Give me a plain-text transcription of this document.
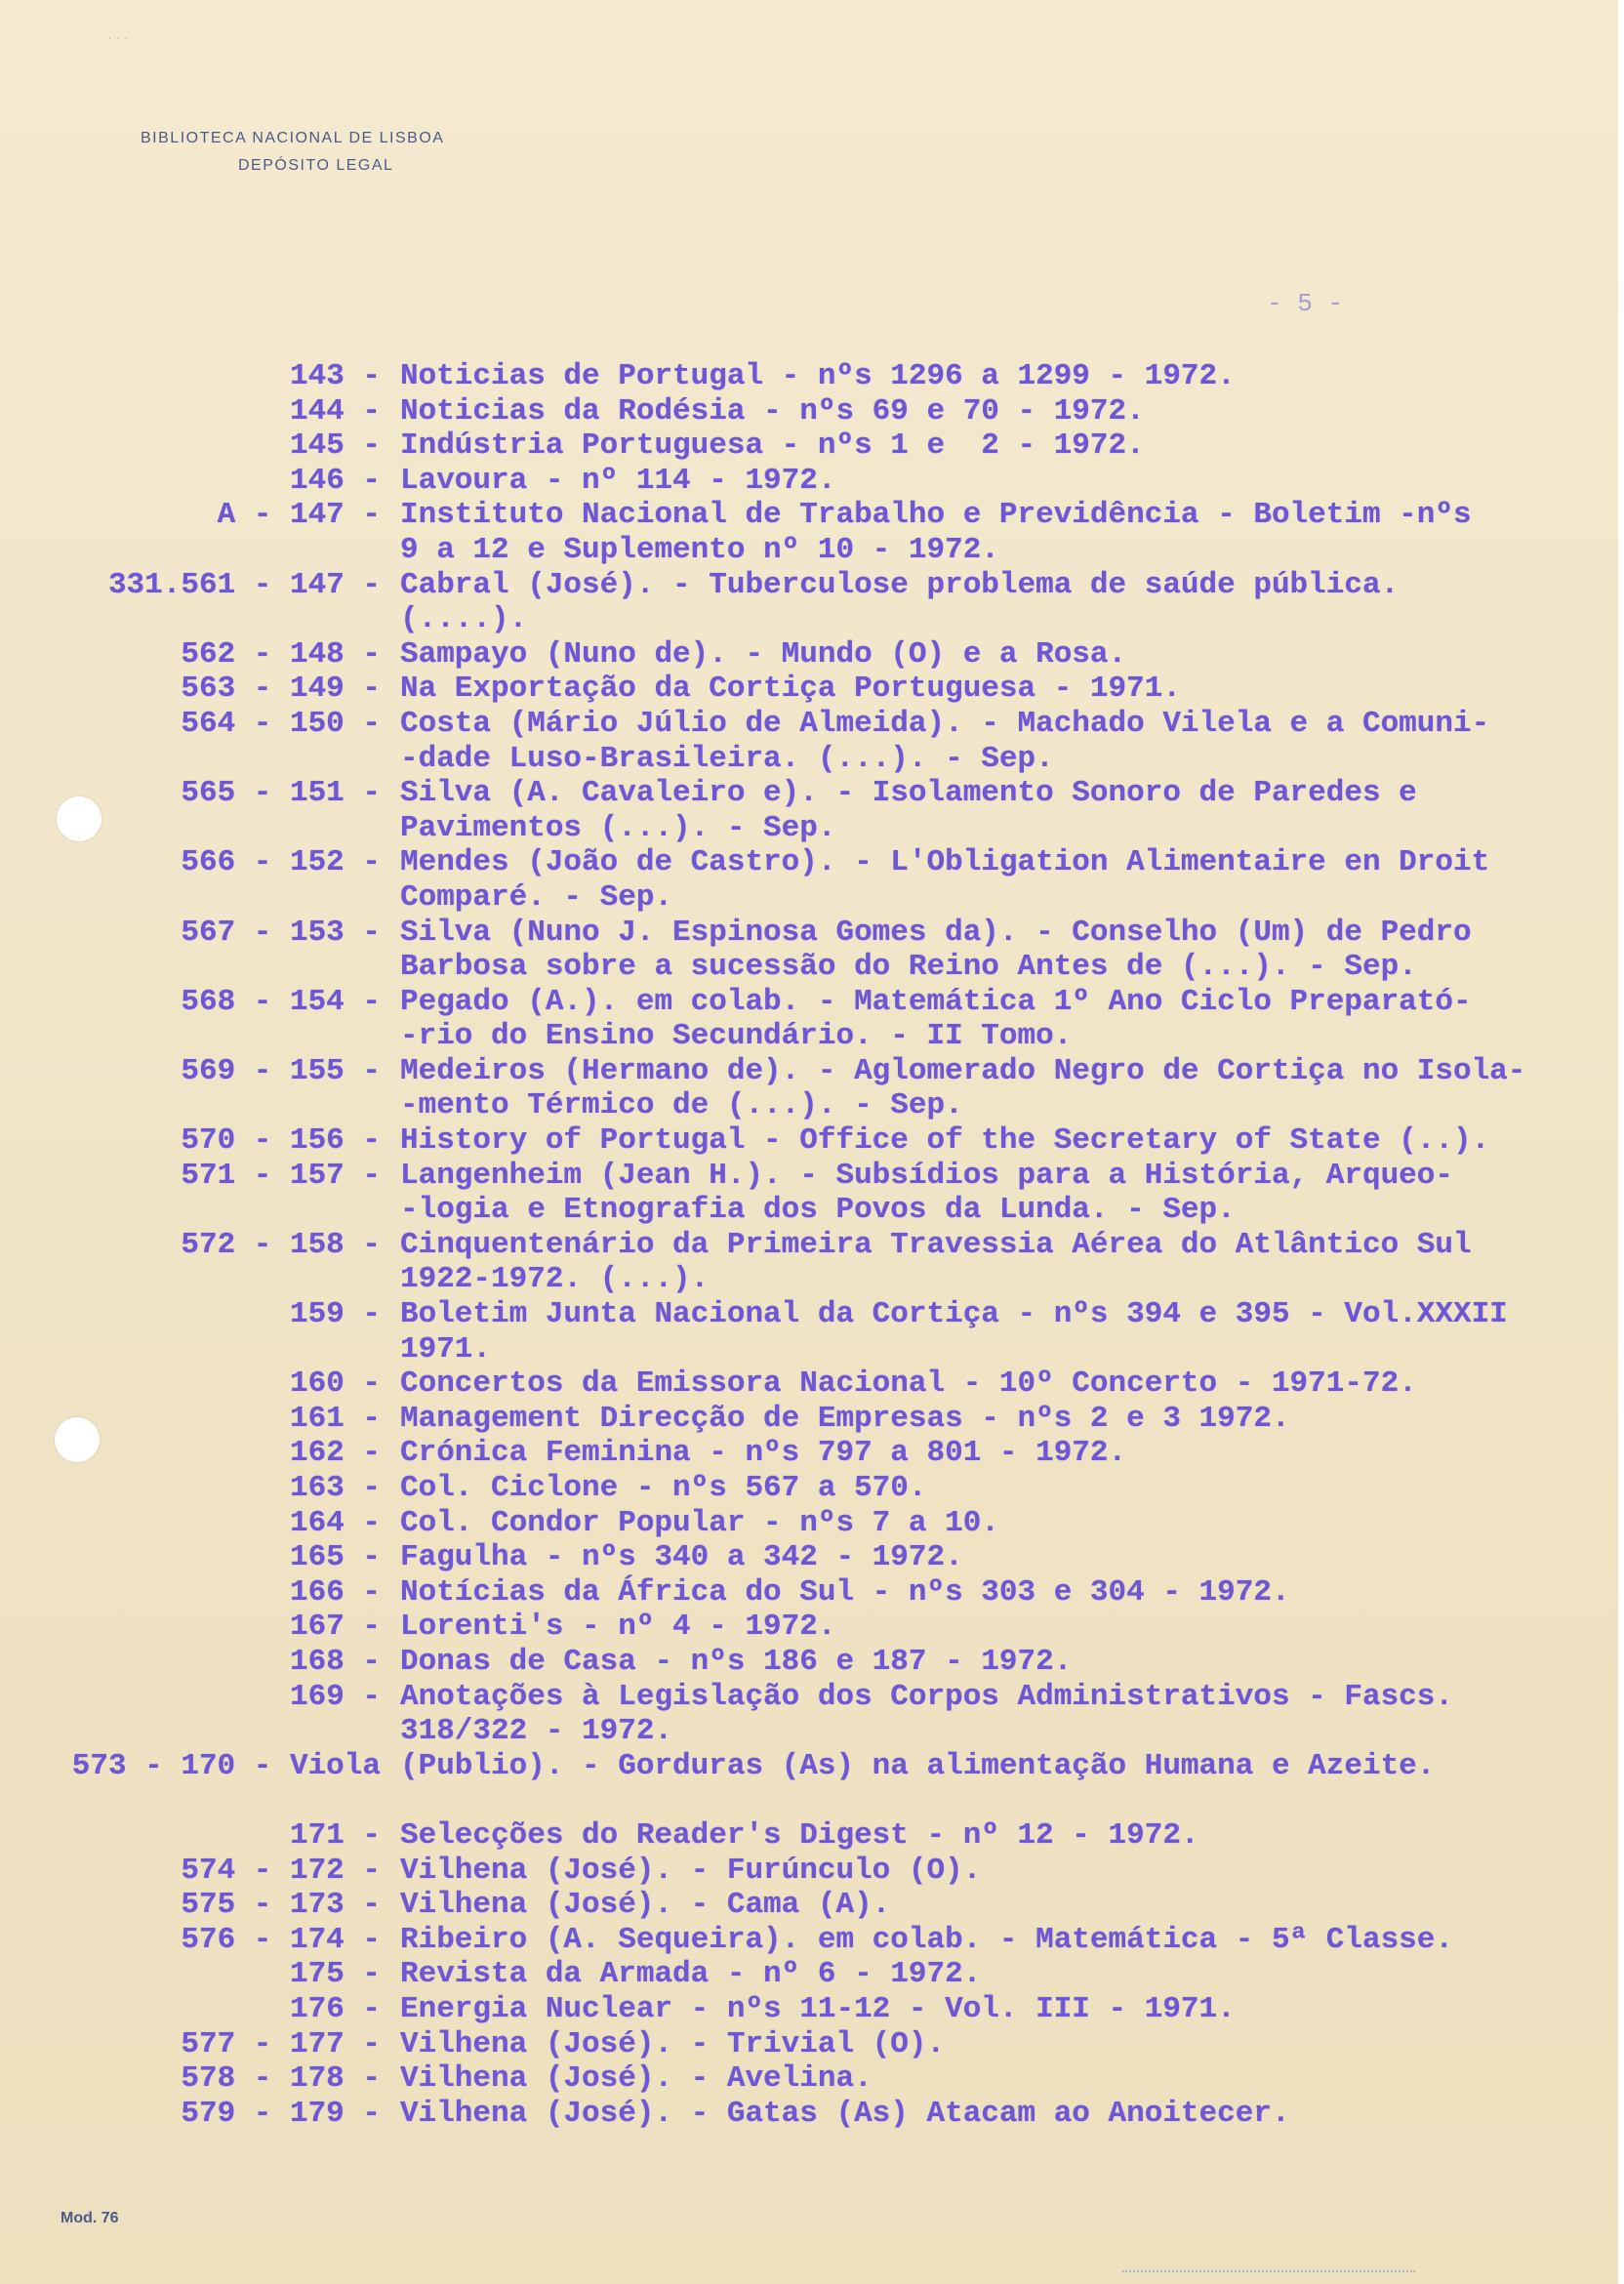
· · ·
BIBLIOTECA NACIONAL DE LISBOA
DEPÓSITO LEGAL
- 5 -
143 - Noticias de Portugal - nºs 1296 a 1299 - 1972.
144 - Noticias da Rodésia - nºs 69 e 70 - 1972.
145 - Indústria Portuguesa - nºs 1 e  2 - 1972.
146 - Lavoura - nº 114 - 1972.
A - 147 - Instituto Nacional de Trabalho e Previdência - Boletim -nºs
9 a 12 e Suplemento nº 10 - 1972.
331.561 - 147 - Cabral (José). - Tuberculose problema de saúde pública.
(....).
562 - 148 - Sampayo (Nuno de). - Mundo (O) e a Rosa.
563 - 149 - Na Exportação da Cortiça Portuguesa - 1971.
564 - 150 - Costa (Mário Júlio de Almeida). - Machado Vilela e a Comuni-
-dade Luso-Brasileira. (...). - Sep.
565 - 151 - Silva (A. Cavaleiro e). - Isolamento Sonoro de Paredes e
Pavimentos (...). - Sep.
566 - 152 - Mendes (João de Castro). - L'Obligation Alimentaire en Droit
Comparé. - Sep.
567 - 153 - Silva (Nuno J. Espinosa Gomes da). - Conselho (Um) de Pedro
Barbosa sobre a sucessão do Reino Antes de (...). - Sep.
568 - 154 - Pegado (A.). em colab. - Matemática 1º Ano Ciclo Preparató-
-rio do Ensino Secundário. - II Tomo.
569 - 155 - Medeiros (Hermano de). - Aglomerado Negro de Cortiça no Isola-
-mento Térmico de (...). - Sep.
570 - 156 - History of Portugal - Office of the Secretary of State (..).
571 - 157 - Langenheim (Jean H.). - Subsídios para a História, Arqueo-
-logia e Etnografia dos Povos da Lunda. - Sep.
572 - 158 - Cinquentenário da Primeira Travessia Aérea do Atlântico Sul
1922-1972. (...).
159 - Boletim Junta Nacional da Cortiça - nºs 394 e 395 - Vol.XXXII
1971.
160 - Concertos da Emissora Nacional - 10º Concerto - 1971-72.
161 - Management Direcção de Empresas - nºs 2 e 3 1972.
162 - Crónica Feminina - nºs 797 a 801 - 1972.
163 - Col. Ciclone - nºs 567 a 570.
164 - Col. Condor Popular - nºs 7 a 10.
165 - Fagulha - nºs 340 a 342 - 1972.
166 - Notícias da África do Sul - nºs 303 e 304 - 1972.
167 - Lorenti's - nº 4 - 1972.
168 - Donas de Casa - nºs 186 e 187 - 1972.
169 - Anotações à Legislação dos Corpos Administrativos - Fascs.
318/322 - 1972.
573 - 170 - Viola (Publio). - Gorduras (As) na alimentação Humana e Azeite.
171 - Selecções do Reader's Digest - nº 12 - 1972.
574 - 172 - Vilhena (José). - Furúnculo (O).
575 - 173 - Vilhena (José). - Cama (A).
576 - 174 - Ribeiro (A. Sequeira). em colab. - Matemática - 5ª Classe.
175 - Revista da Armada - nº 6 - 1972.
176 - Energia Nuclear - nºs 11-12 - Vol. III - 1971.
577 - 177 - Vilhena (José). - Trivial (O).
578 - 178 - Vilhena (José). - Avelina.
579 - 179 - Vilhena (José). - Gatas (As) Atacam ao Anoitecer.
Mod. 76
